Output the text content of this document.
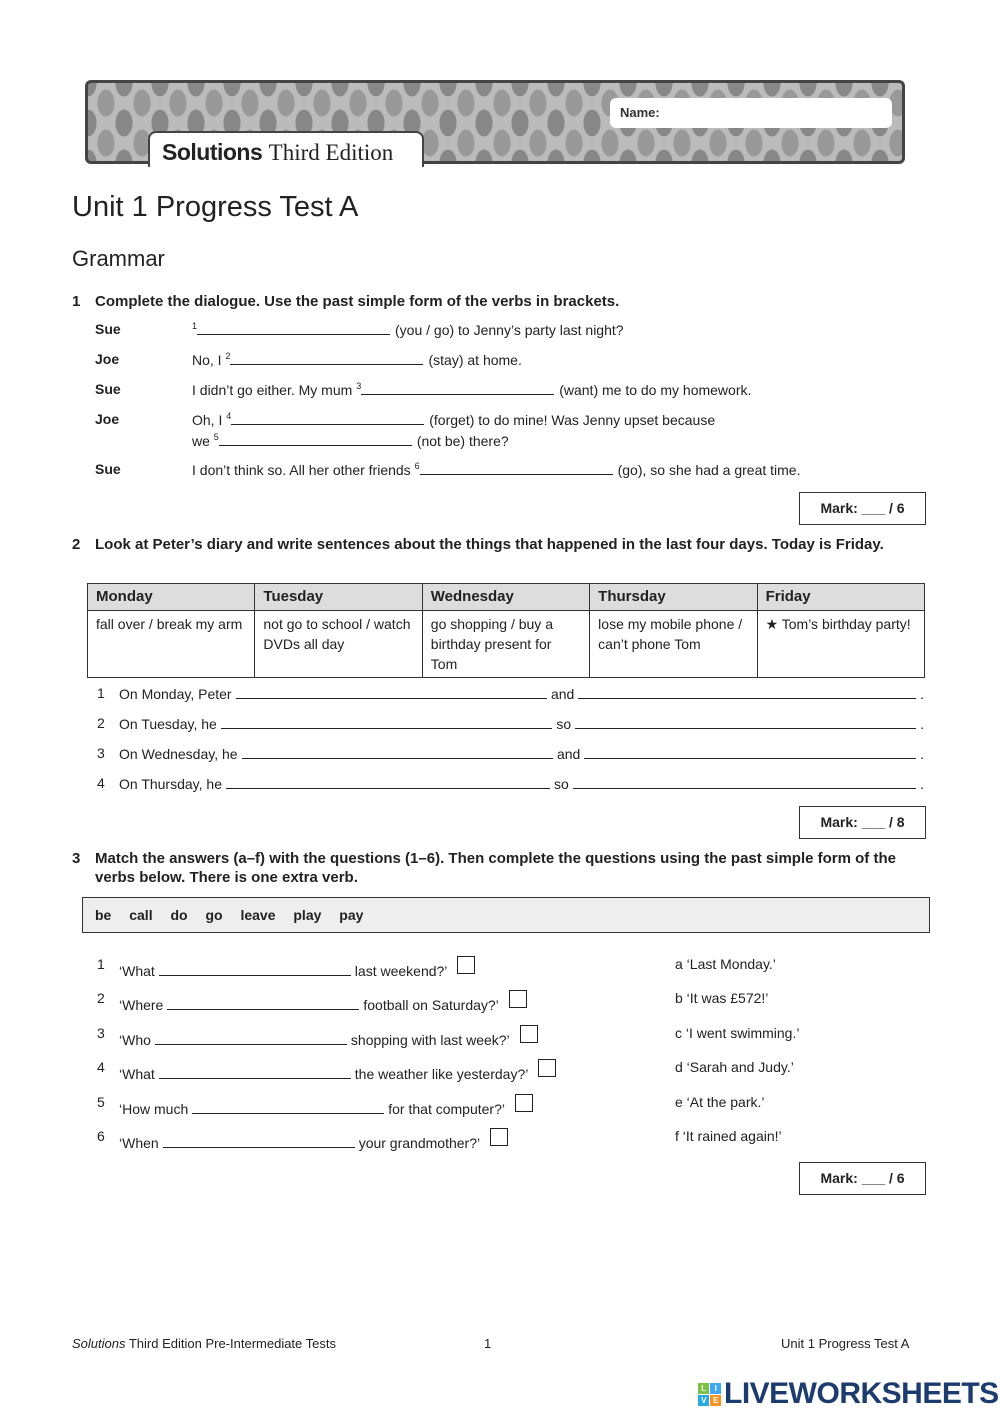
Solutions Third Edition
Name:
Unit 1 Progress Test A
Grammar
1 Complete the dialogue. Use the past simple form of the verbs in brackets.
Sue	$^1$	(you / go) to Jenny’s party last night?
Joe	No, I $^2$	(stay) at home.
Sue	I didn’t go either. My mum $^3$	(want) me to do my homework.
Joe	Oh, I $^4$	(forget) to do mine! Was Jenny upset because
we $^5$	(not be) there?
Sue	I don’t think so. All her other friends $^6$	(go), so she had a great time.
Mark: ___ / 6
2 Look at Peter’s diary and write sentences about the things that happened in the last four days. Today is Friday.
Monday	Tuesday	Wednesday	Thursday	Friday
fall over / break my arm	not go to school / watch DVDs all day	go shopping / buy a birthday present for Tom	lose my mobile phone / can’t phone Tom	★ Tom’s birthday party!
1 On Monday, Peter	and	.
2 On Tuesday, he	so	.
3 On Wednesday, he	and	.
4 On Thursday, he	so	.
Mark: ___ / 8
3 Match the answers (a–f) with the questions (1–6). Then complete the questions using the past simple form of the verbs below. There is one extra verb.
be call do go leave play pay
1 ‘What	last weekend?’	a ‘Last Monday.’
2 ‘Where	football on Saturday?’	b ‘It was £572!’
3 ‘Who	shopping with last week?’	c ‘I went swimming.’
4 ‘What	the weather like yesterday?’	d ‘Sarah and Judy.’
5 ‘How much	for that computer?’	e ‘At the park.’
6 ‘When	your grandmother?’	f ‘It rained again!’
Mark: ___ / 6
Solutions Third Edition Pre-Intermediate Tests	1	Unit 1 Progress Test A
L	I
V E LIVEWORKSHEETS
